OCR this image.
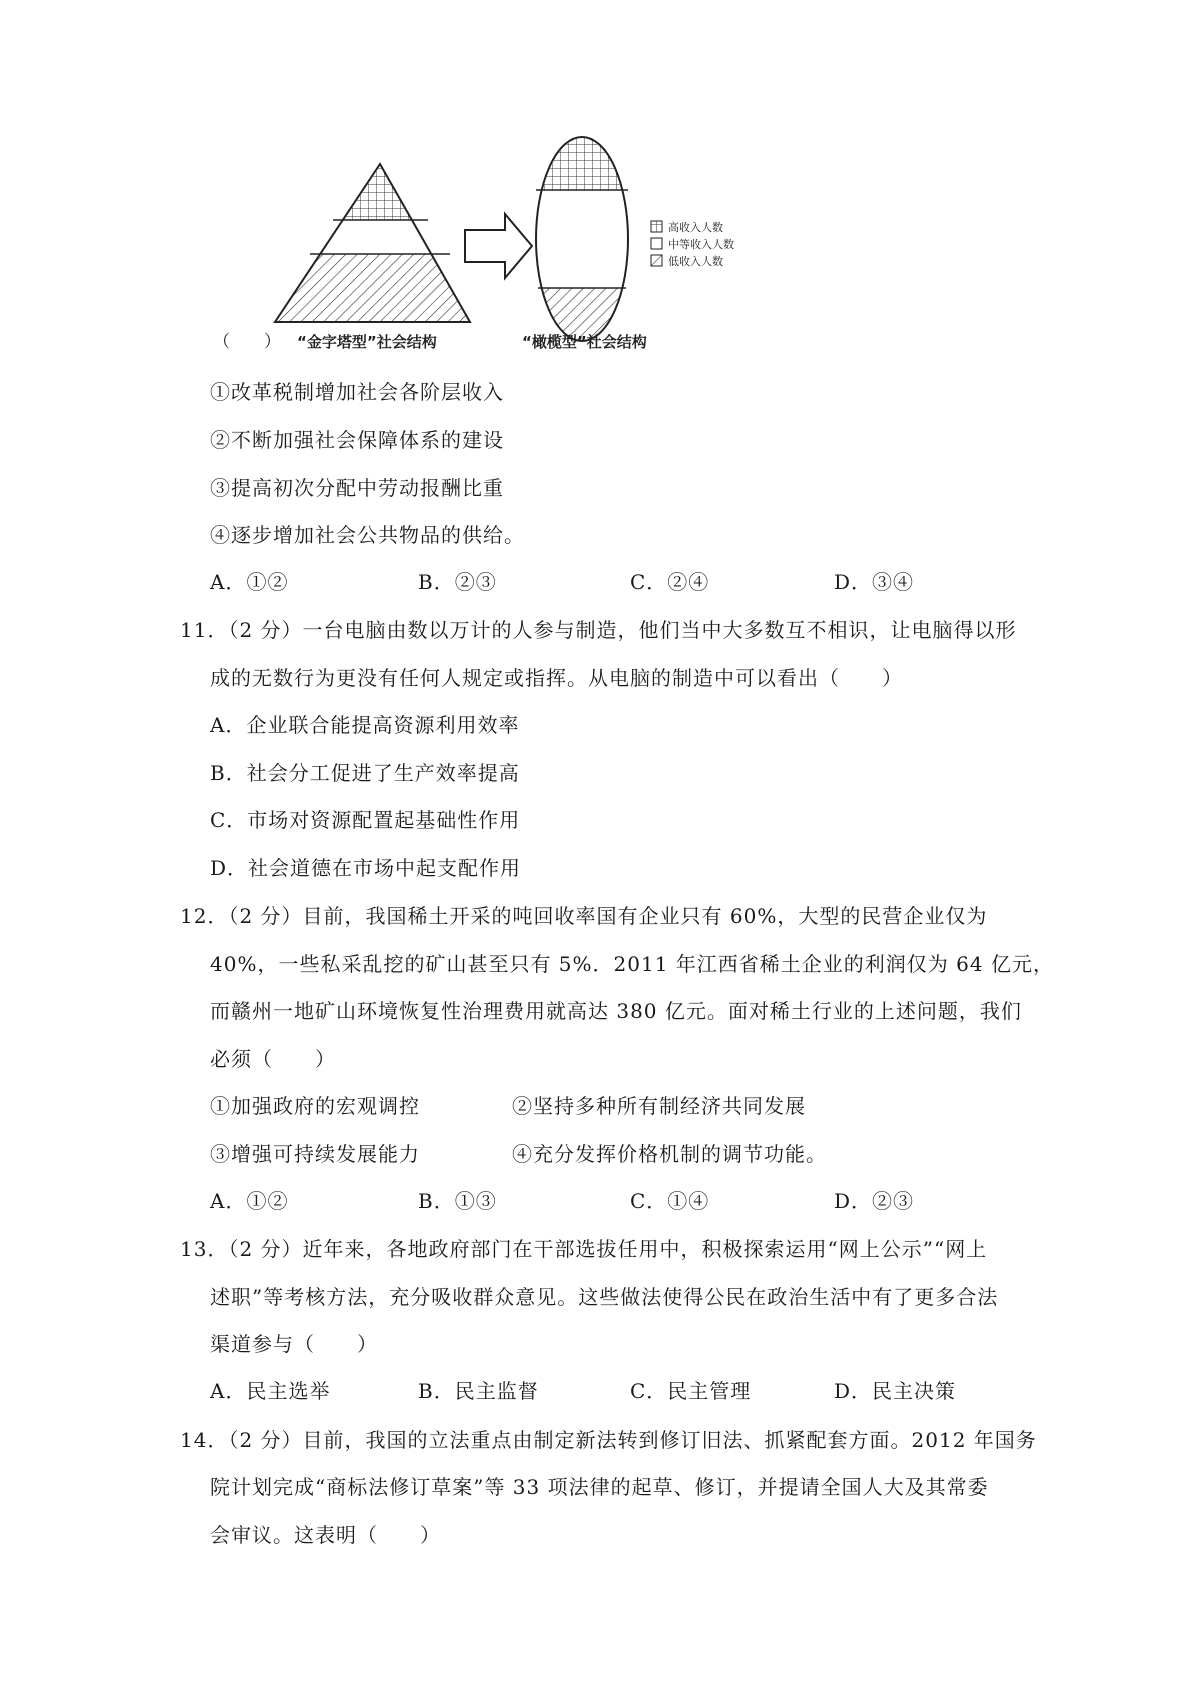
高收入人数
中等收入人数
低收入人数
（　　） “金字塔型”社会结构	“橄榄型”社会结构
①改革税制增加社会各阶层收入
②不断加强社会保障体系的建设
③提高初次分配中劳动报酬比重
④逐步增加社会公共物品的供给。
A．①②	B．②③	C．②④	D．③④
11．（2 分）一台电脑由数以万计的人参与制造，他们当中大多数互不相识，让电脑得以形
成的无数行为更没有任何人规定或指挥。从电脑的制造中可以看出（　　）
A．企业联合能提高资源利用效率
B．社会分工促进了生产效率提高
C．市场对资源配置起基础性作用
D．社会道德在市场中起支配作用
12．（2 分）目前，我国稀土开采的吨回收率国有企业只有 60%，大型的民营企业仅为
40%，一些私采乱挖的矿山甚至只有 5%．2011 年江西省稀土企业的利润仅为 64 亿元，
而赣州一地矿山环境恢复性治理费用就高达 380 亿元。面对稀土行业的上述问题，我们
必须（　　）
①加强政府的宏观调控	②坚持多种所有制经济共同发展
③增强可持续发展能力	④充分发挥价格机制的调节功能。
A．①②	B．①③	C．①④	D．②③
13．（2 分）近年来，各地政府部门在干部选拔任用中，积极探索运用“网上公示”“网上
述职”等考核方法，充分吸收群众意见。这些做法使得公民在政治生活中有了更多合法
渠道参与（　　）
A．民主选举	B．民主监督	C．民主管理	D．民主决策
14．（2 分）目前，我国的立法重点由制定新法转到修订旧法、抓紧配套方面。2012 年国务
院计划完成“商标法修订草案”等 33 项法律的起草、修订，并提请全国人大及其常委
会审议。这表明（　　）
